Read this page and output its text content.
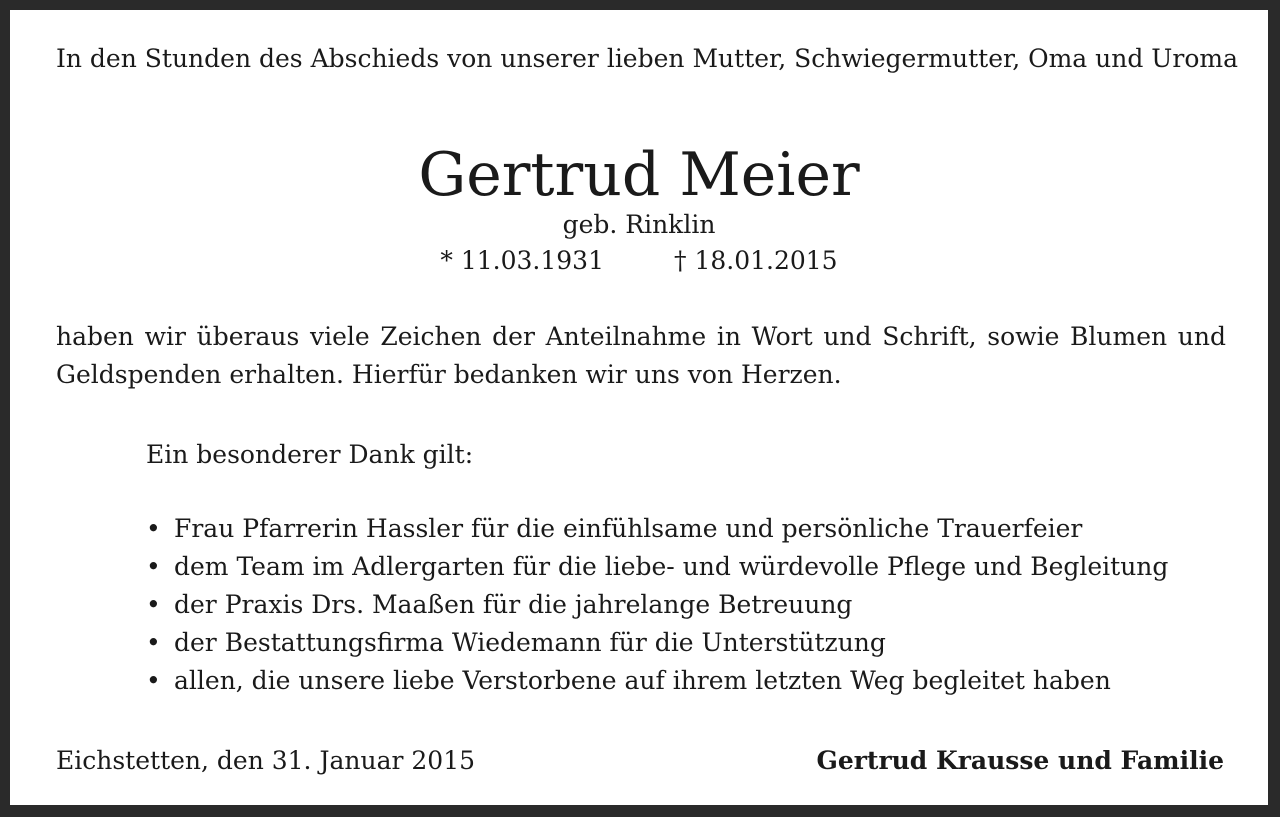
In den Stunden des Abschieds von unserer lieben Mutter, Schwiegermutter, Oma und Uroma
Gertrud Meier
geb. Rinklin
* 11.03.1931	† 18.01.2015
haben wir überaus viele Zeichen der Anteilnahme in Wort und Schrift, sowie Blumen und Geldspenden erhalten. Hierfür bedanken wir uns von Herzen.
Ein besonderer Dank gilt:
• Frau Pfarrerin Hassler für die einfühlsame und persönliche Trauerfeier
• dem Team im Adlergarten für die liebe- und würdevolle Pflege und Begleitung
• der Praxis Drs. Maaßen für die jahrelange Betreuung
• der Bestattungsfirma Wiedemann für die Unterstützung
• allen, die unsere liebe Verstorbene auf ihrem letzten Weg begleitet haben
Eichstetten, den 31. Januar 2015	Gertrud Krausse und Familie
